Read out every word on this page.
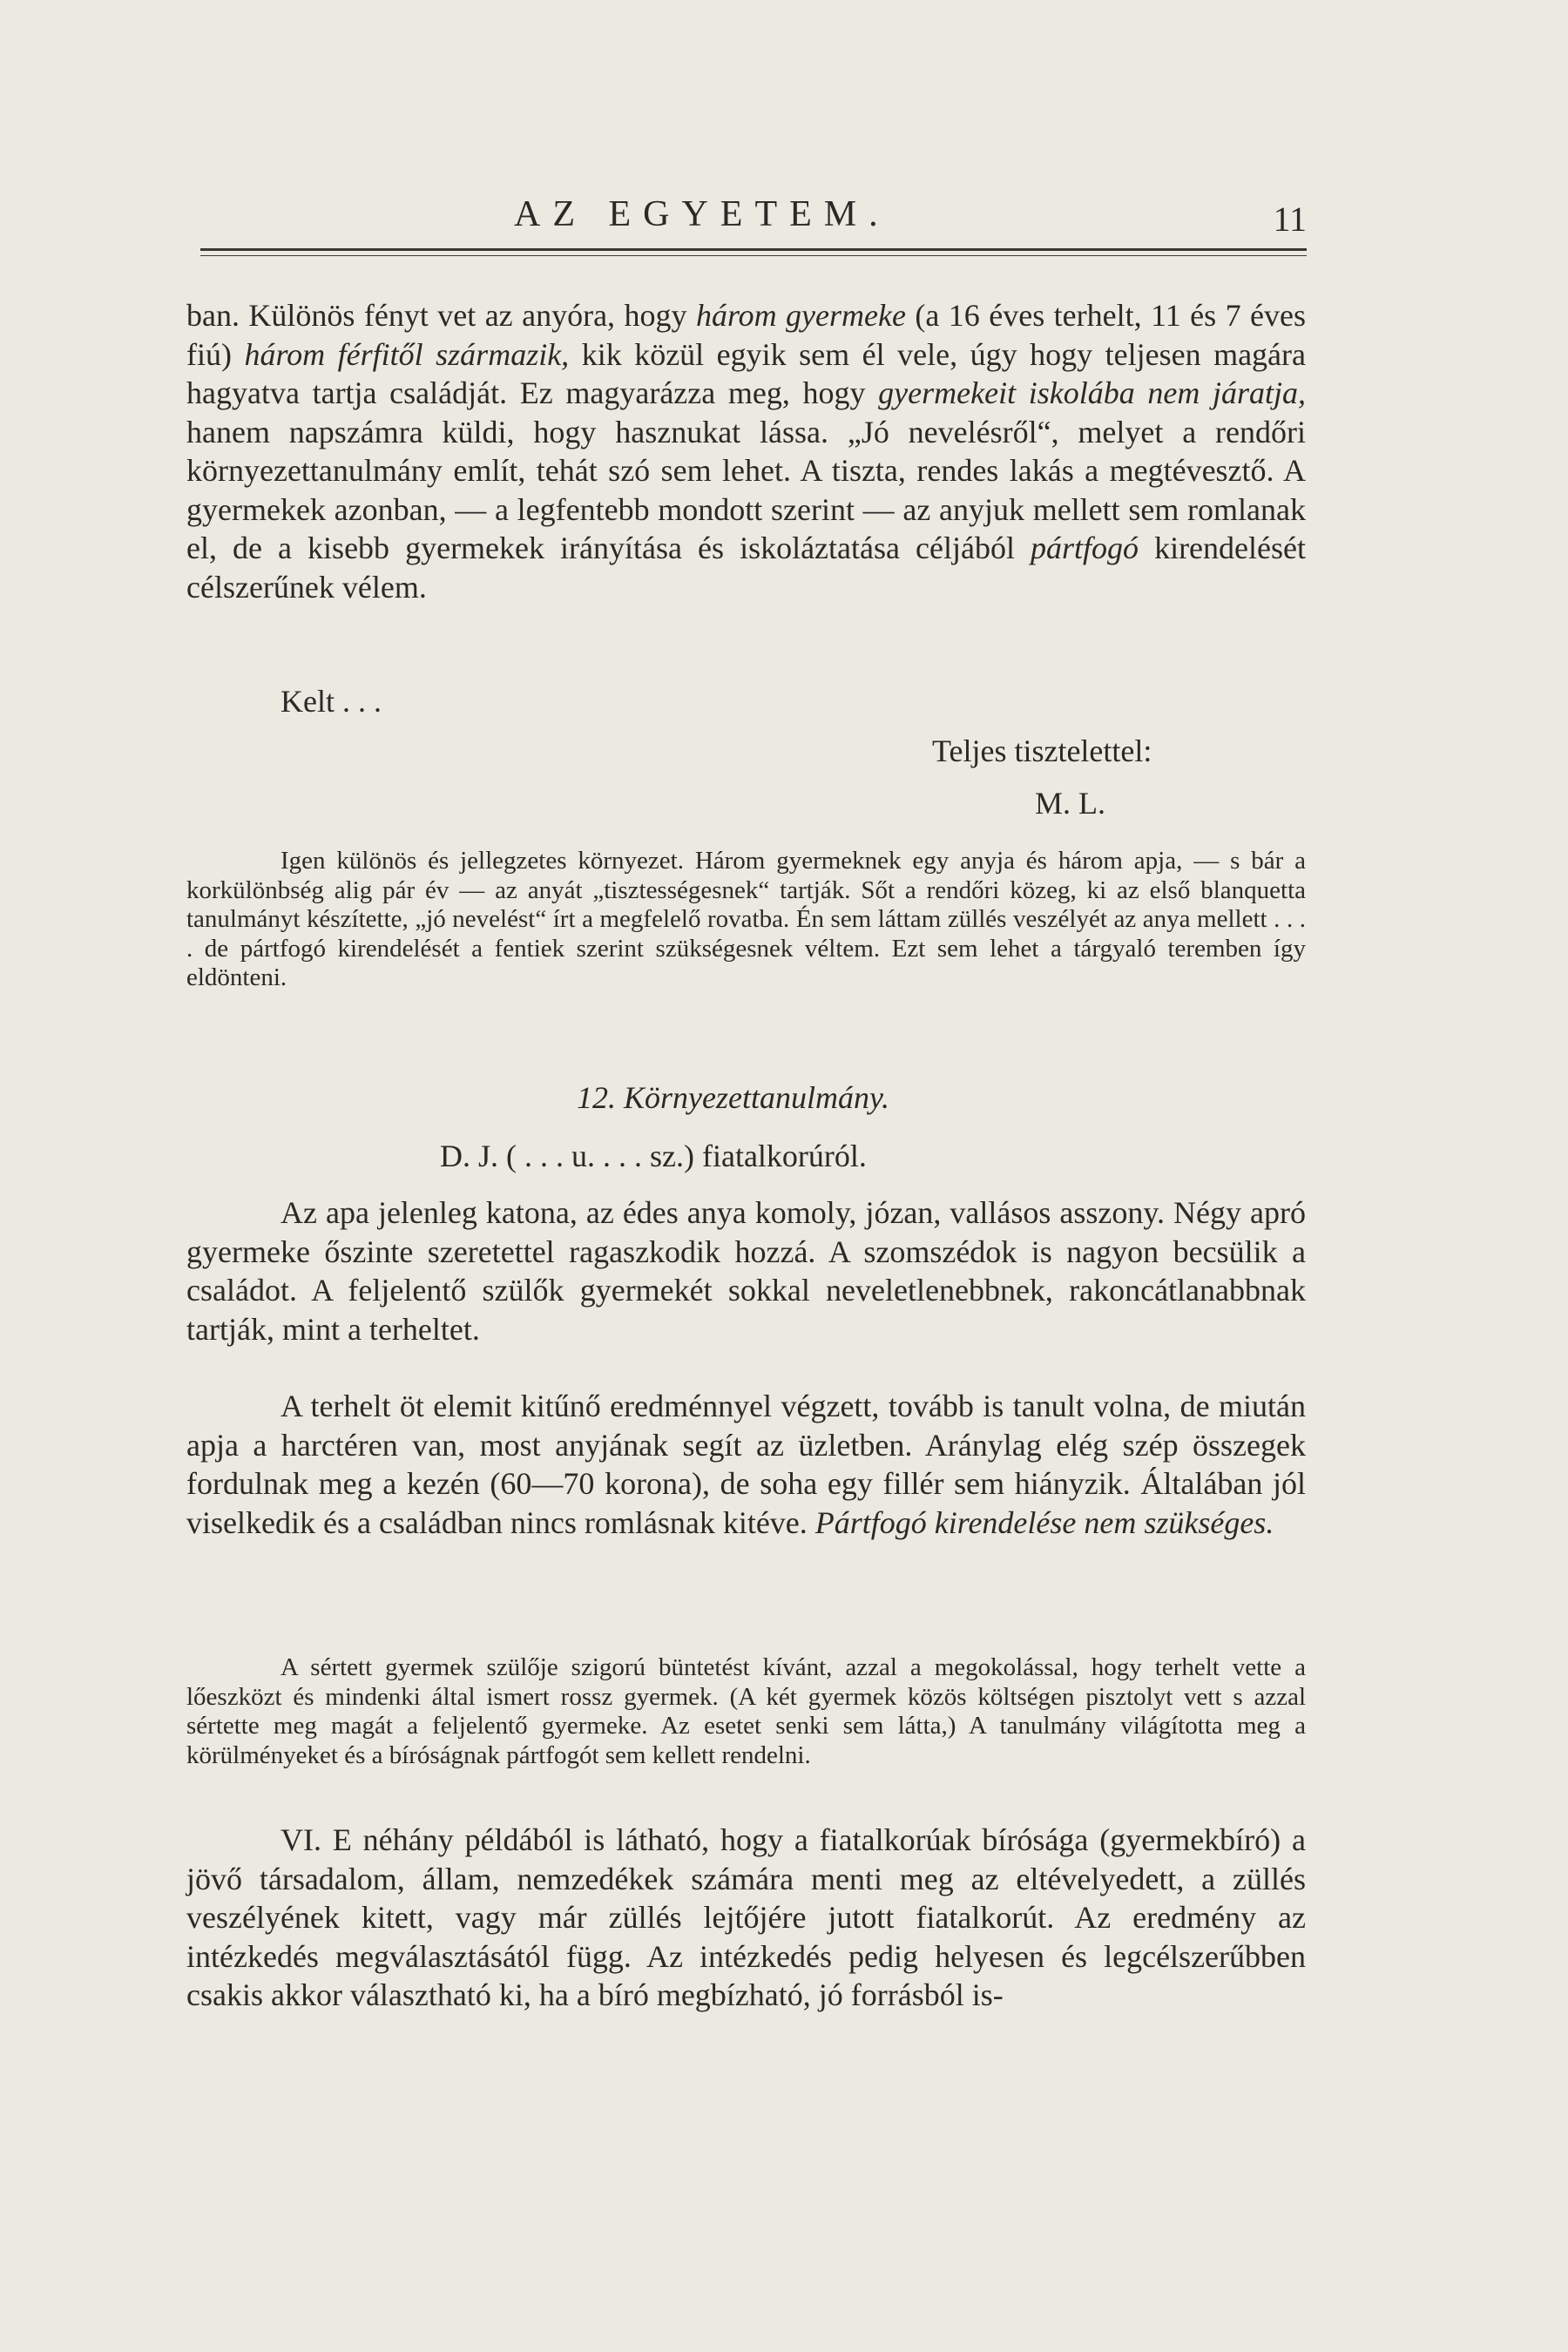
AZ EGYETEM.	11

ban. Különös fényt vet az anyóra, hogy három gyermeke (a 16 éves terhelt, 11 és 7 éves fiú) három férfitől származik, kik közül egyik sem él vele, úgy hogy teljesen magára hagyatva tartja családját. Ez magyarázza meg, hogy gyermekeit iskolába nem járatja, hanem napszámra küldi, hogy hasznukat lássa. „Jó nevelésről“, melyet a rendőri környezettanulmány említ, tehát szó sem lehet. A tiszta, rendes lakás a megtévesztő. A gyermekek azonban, — a legfentebb mondott szerint — az anyjuk mellett sem romlanak el, de a kisebb gyermekek irányítása és iskoláztatása céljából pártfogó kirendelését célszerűnek vélem.

Kelt . . .
Teljes tisztelettel:
M. L.

Igen különös és jellegzetes környezet. Három gyermeknek egy anyja és három apja, — s bár a korkülönbség alig pár év — az anyát „tisztességesnek“ tartják. Sőt a rendőri közeg, ki az első blanquetta tanulmányt készítette, „jó nevelést“ írt a megfelelő rovatba. Én sem láttam züllés veszélyét az anya mellett . . . . de pártfogó kirendelését a fentiek szerint szükségesnek véltem. Ezt sem lehet a tárgyaló teremben így eldönteni.

12. Környezettanulmány.
D. J. ( . . . u. . . . sz.) fiatalkorúról.

Az apa jelenleg katona, az édes anya komoly, józan, vallásos asszony. Négy apró gyermeke őszinte szeretettel ragaszkodik hozzá. A szomszédok is nagyon becsülik a családot. A feljelentő szülők gyermekét sokkal neveletlenebbnek, rakoncátlanabbnak tartják, mint a terheltet.

A terhelt öt elemit kitűnő eredménnyel végzett, tovább is tanult volna, de miután apja a harctéren van, most anyjának segít az üzletben. Aránylag elég szép összegek fordulnak meg a kezén (60—70 korona), de soha egy fillér sem hiányzik. Általában jól viselkedik és a családban nincs romlásnak kitéve. Pártfogó kirendelése nem szükséges.

A sértett gyermek szülője szigorú büntetést kívánt, azzal a megokolással, hogy terhelt vette a lőeszközt és mindenki által ismert rossz gyermek. (A két gyermek közös költségen pisztolyt vett s azzal sértette meg magát a feljelentő gyermeke. Az esetet senki sem látta,) A tanulmány világította meg a körülményeket és a bíróságnak pártfogót sem kellett rendelni.

VI. E néhány példából is látható, hogy a fiatalkorúak bírósága (gyermekbíró) a jövő társadalom, állam, nemzedékek számára menti meg az eltévelyedett, a züllés veszélyének kitett, vagy már züllés lejtőjére jutott fiatalkorút. Az eredmény az intézkedés megválasztásától függ. Az intézkedés pedig helyesen és legcélszerűbben csakis akkor választható ki, ha a bíró megbízható, jó forrásból is-
